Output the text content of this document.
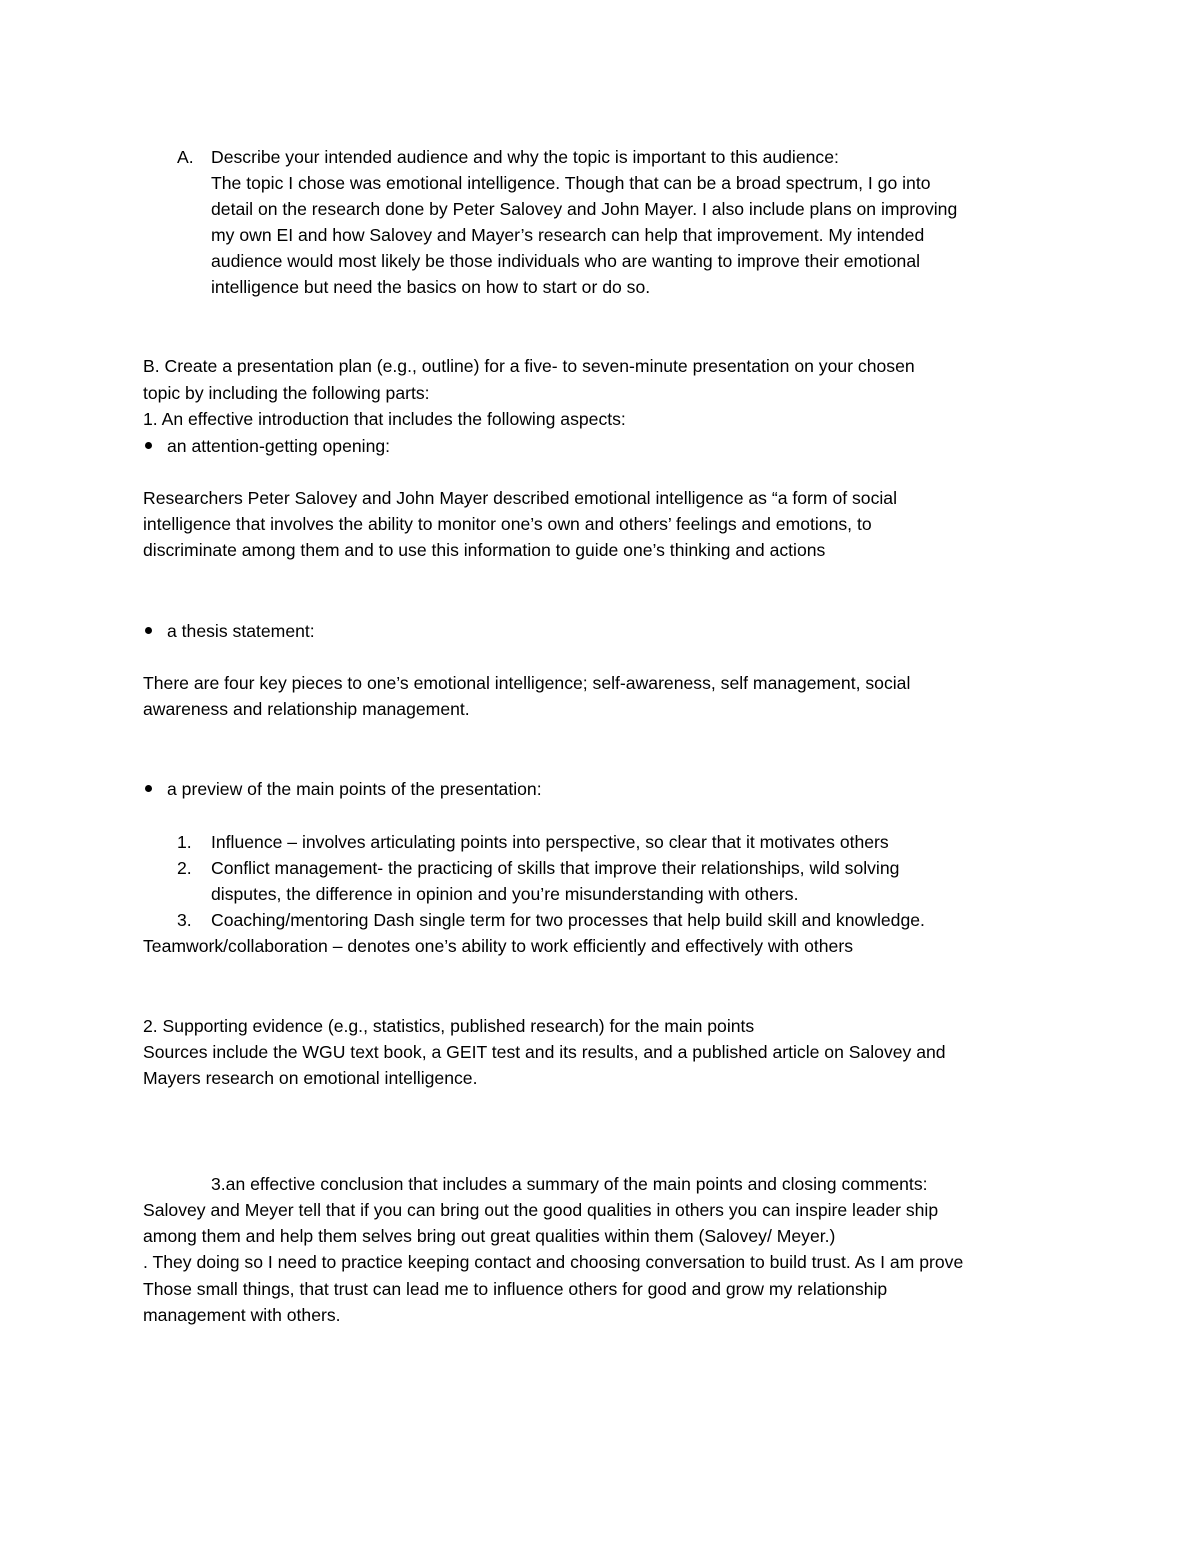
A. Describe your intended audience and why the topic is important to this audience:
The topic I chose was emotional intelligence. Though that can be a broad spectrum, I go into
detail on the research done by Peter Salovey and John Mayer. I also include plans on improving
my own EI and how Salovey and Mayer’s research can help that improvement. My intended
audience would most likely be those individuals who are wanting to improve their emotional
intelligence but need the basics on how to start or do so.
B. Create a presentation plan (e.g., outline) for a five- to seven-minute presentation on your chosen
topic by including the following parts:
1. An effective introduction that includes the following aspects:
an attention-getting opening:
Researchers Peter Salovey and John Mayer described emotional intelligence as “a form of social
intelligence that involves the ability to monitor one’s own and others’ feelings and emotions, to
discriminate among them and to use this information to guide one’s thinking and actions
a thesis statement:
There are four key pieces to one’s emotional intelligence; self-awareness, self management, social
awareness and relationship management.
a preview of the main points of the presentation:
1. Influence – involves articulating points into perspective, so clear that it motivates others
2. Conflict management- the practicing of skills that improve their relationships, wild solving
disputes, the difference in opinion and you’re misunderstanding with others.
3. Coaching/mentoring Dash single term for two processes that help build skill and knowledge.
Teamwork/collaboration – denotes one’s ability to work efficiently and effectively with others
2. Supporting evidence (e.g., statistics, published research) for the main points
Sources include the WGU text book, a GEIT test and its results, and a published article on Salovey and
Mayers research on emotional intelligence.
3.an effective conclusion that includes a summary of the main points and closing comments:
Salovey and Meyer tell that if you can bring out the good qualities in others you can inspire leader ship
among them and help them selves bring out great qualities within them (Salovey/ Meyer.)
. They doing so I need to practice keeping contact and choosing conversation to build trust. As I am prove
Those small things, that trust can lead me to influence others for good and grow my relationship
management with others.
